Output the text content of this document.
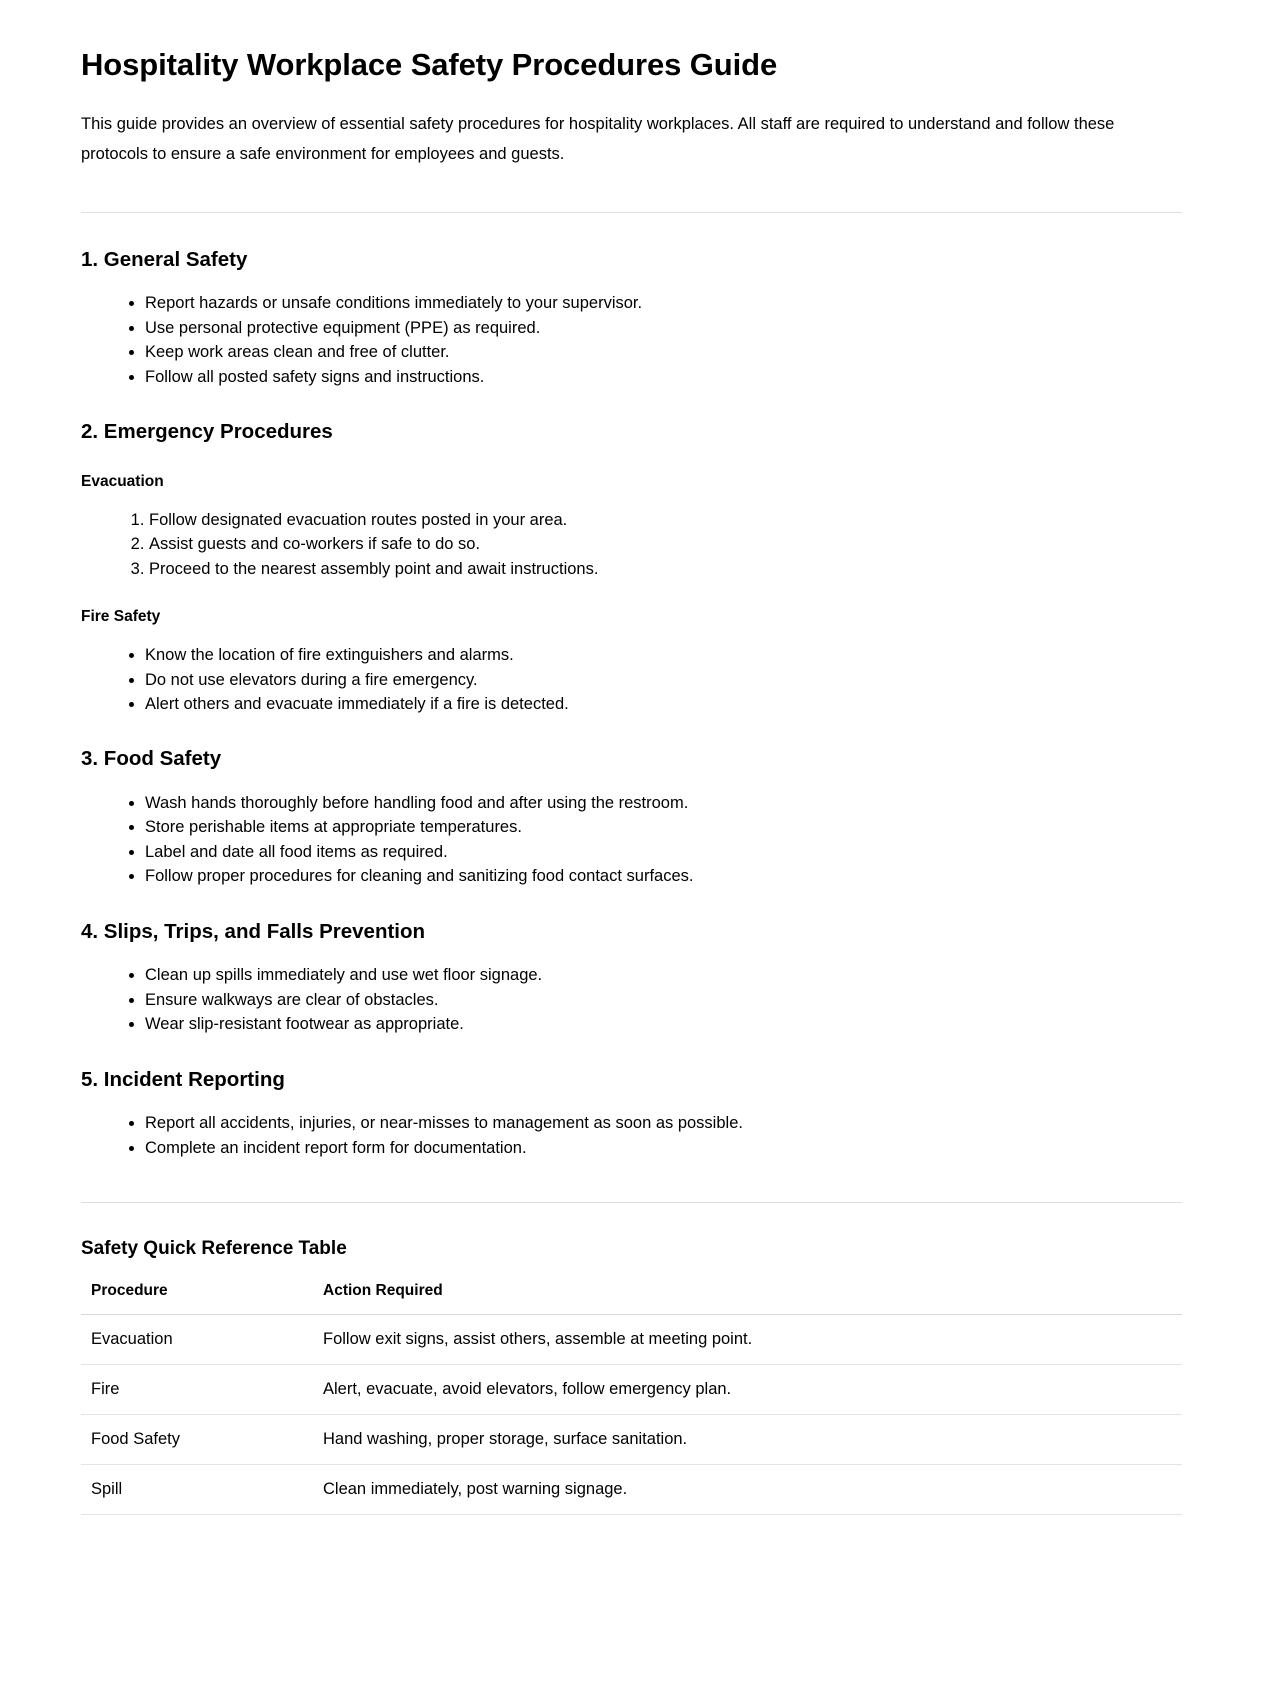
Hospitality Workplace Safety Procedures Guide

This guide provides an overview of essential safety procedures for hospitality workplaces. All staff are required to understand and follow these protocols to ensure a safe environment for employees and guests.

1. General Safety
• Report hazards or unsafe conditions immediately to your supervisor.
• Use personal protective equipment (PPE) as required.
• Keep work areas clean and free of clutter.
• Follow all posted safety signs and instructions.
2. Emergency Procedures
Evacuation
1. Follow designated evacuation routes posted in your area.
2. Assist guests and co-workers if safe to do so.
3. Proceed to the nearest assembly point and await instructions.
Fire Safety
• Know the location of fire extinguishers and alarms.
• Do not use elevators during a fire emergency.
• Alert others and evacuate immediately if a fire is detected.
3. Food Safety
• Wash hands thoroughly before handling food and after using the restroom.
• Store perishable items at appropriate temperatures.
• Label and date all food items as required.
• Follow proper procedures for cleaning and sanitizing food contact surfaces.
4. Slips, Trips, and Falls Prevention
• Clean up spills immediately and use wet floor signage.
• Ensure walkways are clear of obstacles.
• Wear slip-resistant footwear as appropriate.
5. Incident Reporting
• Report all accidents, injuries, or near-misses to management as soon as possible.
• Complete an incident report form for documentation.
Safety Quick Reference Table
Procedure	Action Required
Evacuation	Follow exit signs, assist others, assemble at meeting point.
Fire	Alert, evacuate, avoid elevators, follow emergency plan.
Food Safety	Hand washing, proper storage, surface sanitation.
Spill	Clean immediately, post warning signage.
